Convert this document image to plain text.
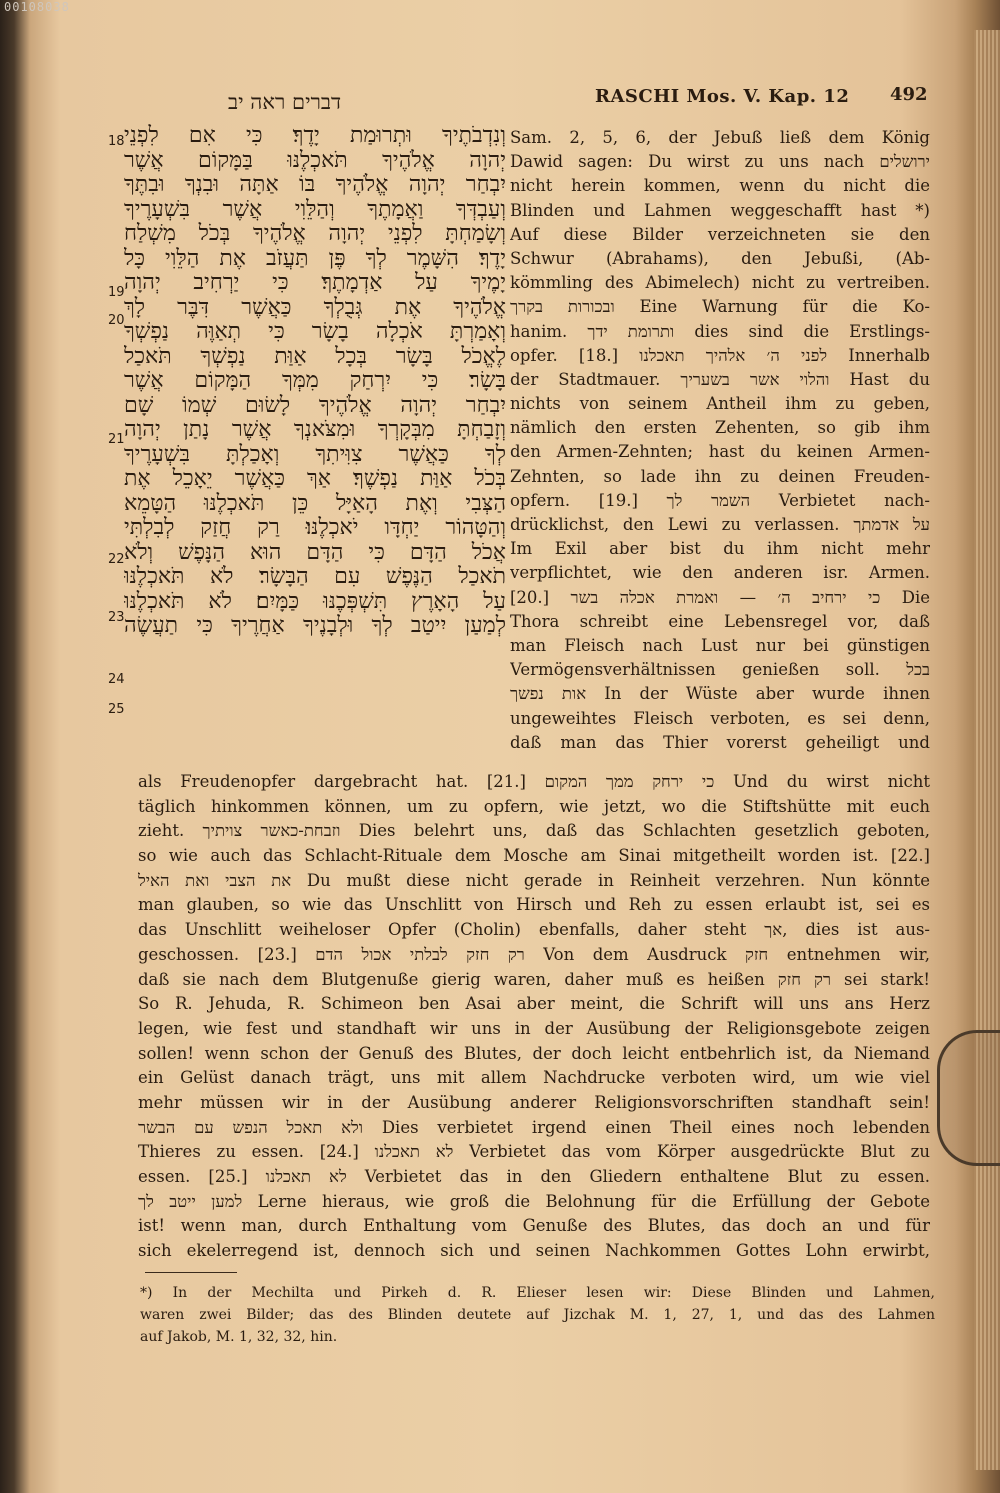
00108038
דברים ראה יב	RASCHI Mos. V. Kap. 12 492
וְנִדְבֹתֶיךָ וּתְרוּמַת יָדֶךָ׃ כִּי אִם לִפְנֵי
יְהוָה אֱלֹהֶיךָ תֹּאכְלֶנּוּ בַּמָּקוֹם אֲשֶׁר
יִבְחַר יְהוָה אֱלֹהֶיךָ בּוֹ אַתָּה וּבִנְךָ וּבִתֶּךָ
וְעַבְדְּךָ וַאֲמָתֶךָ וְהַלֵּוִי אֲשֶׁר בִּשְׁעָרֶיךָ
וְשָׂמַחְתָּ לִפְנֵי יְהוָה אֱלֹהֶיךָ בְּכֹל מִשְׁלַח
יָדֶךָ׃ הִשָּׁמֶר לְךָ פֶּן תַּעֲזֹב אֶת הַלֵּוִי כָּל
יָמֶיךָ עַל אַדְמָתֶךָ׃ כִּי יַרְחִיב יְהוָה
אֱלֹהֶיךָ אֶת גְּבֻלְךָ כַּאֲשֶׁר דִּבֶּר לָךְ
וְאָמַרְתָּ אֹכְלָה בָשָׂר כִּי תְאַוֶּה נַפְשְׁךָ
לֶאֱכֹל בָּשָׂר בְּכָל אַוַּת נַפְשְׁךָ תֹּאכַל
בָּשָׂר׃ כִּי יִרְחַק מִמְּךָ הַמָּקוֹם אֲשֶׁר
יִבְחַר יְהוָה אֱלֹהֶיךָ לָשׂוּם שְׁמוֹ שָׁם
וְזָבַחְתָּ מִבְּקָרְךָ וּמִצֹּאנְךָ אֲשֶׁר נָתַן יְהוָה
לְךָ כַּאֲשֶׁר צִוִּיתִךָ וְאָכַלְתָּ בִּשְׁעָרֶיךָ
בְּכֹל אַוַּת נַפְשֶׁךָ׃ אַךְ כַּאֲשֶׁר יֵאָכֵל אֶת
הַצְּבִי וְאֶת הָאַיָּל כֵּן תֹּאכְלֶנּוּ הַטָּמֵא
וְהַטָּהוֹר יַחְדָּו יֹאכְלֶנּוּ׃ רַק חֲזַק לְבִלְתִּי
אֲכֹל הַדָּם כִּי הַדָּם הוּא הַנָּפֶשׁ וְלֹא
תֹאכַל הַנֶּפֶשׁ עִם הַבָּשָׂר׃ לֹא תֹּאכְלֶנּוּ
עַל הָאָרֶץ תִּשְׁפְּכֶנּוּ כַּמָּיִם׃ לֹא תֹּאכְלֶנּוּ
לְמַעַן יִיטַב לְךָ וּלְבָנֶיךָ אַחֲרֶיךָ כִּי תַעֲשֶׂה
18
19
20
21
22
23
24
25
Sam. 2, 5, 6, der Jebuß ließ dem König
Dawid sagen: Du wirst zu uns nach ירושלים
nicht herein kommen, wenn du nicht die
Blinden und Lahmen weggeschafft hast *)
Auf diese Bilder verzeichneten sie den
Schwur (Abrahams), den Jebußi, (Ab-
kömmling des Abimelech) nicht zu vertreiben.
ובכורות בקרך Eine Warnung für die Ko-
hanim. ותרומת ידך dies sind die Erstlings-
opfer. [18.] לפני ה׳ אלהיך תאכלנו Innerhalb
der Stadtmauer. והלוי אשר בשעריך Hast du
nichts von seinem Antheil ihm zu geben,
nämlich den ersten Zehenten, so gib ihm
den Armen-Zehnten; hast du keinen Armen-
Zehnten, so lade ihn zu deinen Freuden-
opfern. [19.] השמר לך Verbietet nach-
drücklichst, den Lewi zu verlassen. על אדמתך
Im Exil aber bist du ihm nicht mehr
verpflichtet, wie den anderen isr. Armen.
[20.] כי ירחיב ה׳ — ואמרת אכלה בשר Die
Thora schreibt eine Lebensregel vor, daß
man Fleisch nach Lust nur bei günstigen
Vermögensverhältnissen genießen soll. בכל
אות נפשך In der Wüste aber wurde ihnen
ungeweihtes Fleisch verboten, es sei denn,
daß man das Thier vorerst geheiligt und
als Freudenopfer dargebracht hat. [21.] כי ירחק ממך המקום Und du wirst nicht
täglich hinkommen können, um zu opfern, wie jetzt, wo die Stiftshütte mit euch
zieht. וזבחת-כאשר צויתיך Dies belehrt uns, daß das Schlachten gesetzlich geboten,
so wie auch das Schlacht-Rituale dem Mosche am Sinai mitgetheilt worden ist. [22.]
את הצבי ואת האיל Du mußt diese nicht gerade in Reinheit verzehren. Nun könnte
man glauben, so wie das Unschlitt von Hirsch und Reh zu essen erlaubt ist, sei es
das Unschlitt weiheloser Opfer (Cholin) ebenfalls, daher steht אך, dies ist aus-
geschossen. [23.] רק חזק לבלתי אכול הדם Von dem Ausdruck חזק entnehmen wir,
daß sie nach dem Blutgenuße gierig waren, daher muß es heißen רק חזק sei stark!
So R. Jehuda, R. Schimeon ben Asai aber meint, die Schrift will uns ans Herz
legen, wie fest und standhaft wir uns in der Ausübung der Religionsgebote zeigen
sollen! wenn schon der Genuß des Blutes, der doch leicht entbehrlich ist, da Niemand
ein Gelüst danach trägt, uns mit allem Nachdrucke verboten wird, um wie viel
mehr müssen wir in der Ausübung anderer Religionsvorschriften standhaft sein!
ולא תאכל הנפש עם הבשר Dies verbietet irgend einen Theil eines noch lebenden
Thieres zu essen. [24.] לא תאכלנו Verbietet das vom Körper ausgedrückte Blut zu
essen. [25.] לא תאכלנו Verbietet das in den Gliedern enthaltene Blut zu essen.
למען ייטב לך Lerne hieraus, wie groß die Belohnung für die Erfüllung der Gebote
ist! wenn man, durch Enthaltung vom Genuße des Blutes, das doch an und für
sich ekelerregend ist, dennoch sich und seinen Nachkommen Gottes Lohn erwirbt,
*) In der Mechilta und Pirkeh d. R. Elieser lesen wir: Diese Blinden und Lahmen,
waren zwei Bilder; das des Blinden deutete auf Jizchak M. 1, 27, 1, und das des Lahmen
auf Jakob, M. 1, 32, 32, hin.
